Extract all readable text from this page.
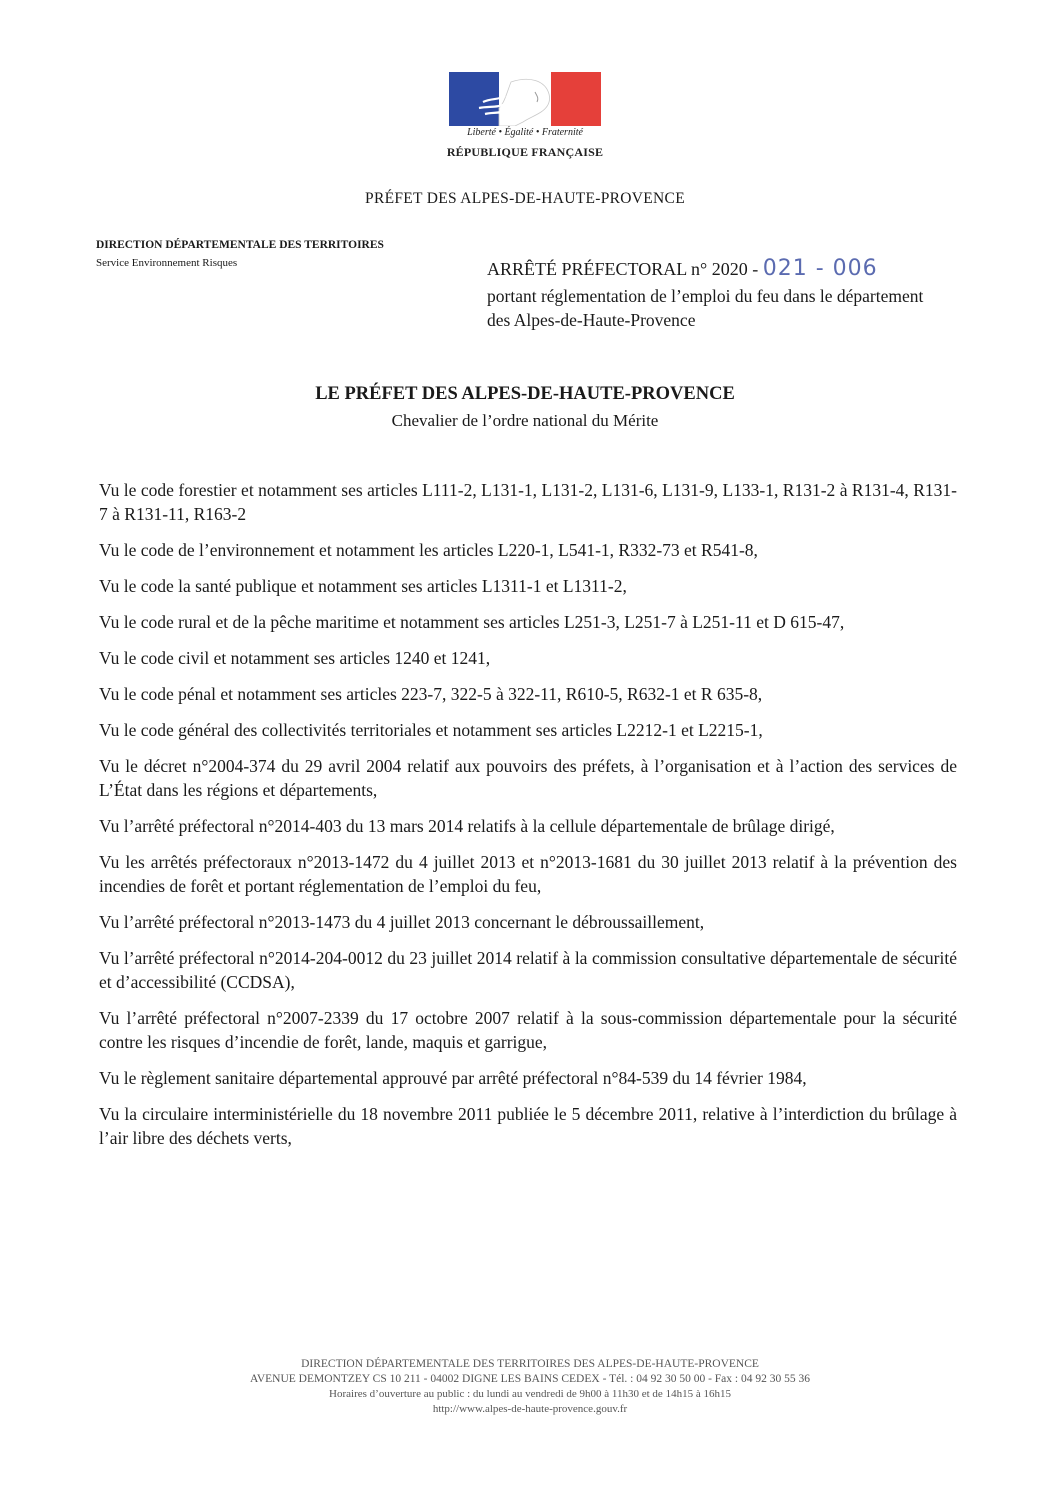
Liberté • Égalité • Fraternité
RÉPUBLIQUE FRANÇAISE
PRÉFET DES ALPES-DE-HAUTE-PROVENCE
DIRECTION DÉPARTEMENTALE DES TERRITOIRES
Service Environnement Risques	ARRÊTÉ PRÉFECTORAL n° 2020 - 021 - 006
portant réglementation de l’emploi du feu dans le département des Alpes-de-Haute-Provence
LE PRÉFET DES ALPES-DE-HAUTE-PROVENCE
Chevalier de l’ordre national du Mérite

Vu le code forestier et notamment ses articles L111-2, L131-1, L131-2, L131-6, L131-9, L133-1, R131-2 à R131-4, R131-7 à R131-11, R163-2

Vu le code de l’environnement et notamment les articles L220-1, L541-1, R332-73 et R541-8,

Vu le code la santé publique et notamment ses articles L1311-1 et L1311-2,

Vu le code rural et de la pêche maritime et notamment ses articles L251-3, L251-7 à L251-11 et D 615-47,

Vu le code civil et notamment ses articles 1240 et 1241,

Vu le code pénal et notamment ses articles 223-7, 322-5 à 322-11, R610-5, R632-1 et R 635-8,

Vu le code général des collectivités territoriales et notamment ses articles L2212-1 et L2215-1,

Vu le décret n°2004-374 du 29 avril 2004 relatif aux pouvoirs des préfets, à l’organisation et à l’action des services de L’État dans les régions et départements,

Vu l’arrêté préfectoral n°2014-403 du 13 mars 2014 relatifs à la cellule départementale de brûlage dirigé,

Vu les arrêtés préfectoraux n°2013-1472 du 4 juillet 2013 et n°2013-1681 du 30 juillet 2013 relatif à la prévention des incendies de forêt et portant réglementation de l’emploi du feu,

Vu l’arrêté préfectoral n°2013-1473 du 4 juillet 2013 concernant le débroussaillement,

Vu l’arrêté préfectoral n°2014-204-0012 du 23 juillet 2014 relatif à la commission consultative départementale de sécurité et d’accessibilité (CCDSA),

Vu l’arrêté préfectoral n°2007-2339 du 17 octobre 2007 relatif à la sous-commission départementale pour la sécurité contre les risques d’incendie de forêt, lande, maquis et garrigue,

Vu le règlement sanitaire départemental approuvé par arrêté préfectoral n°84-539 du 14 février 1984,

Vu la circulaire interministérielle du 18 novembre 2011 publiée le 5 décembre 2011, relative à l’interdiction du brûlage à l’air libre des déchets verts,

DIRECTION DÉPARTEMENTALE DES TERRITOIRES DES ALPES-DE-HAUTE-PROVENCE
AVENUE DEMONTZEY CS 10 211 - 04002 DIGNE LES BAINS CEDEX - Tél. : 04 92 30 50 00 - Fax : 04 92 30 55 36
Horaires d’ouverture au public : du lundi au vendredi de 9h00 à 11h30 et de 14h15 à 16h15
http://www.alpes-de-haute-provence.gouv.fr
